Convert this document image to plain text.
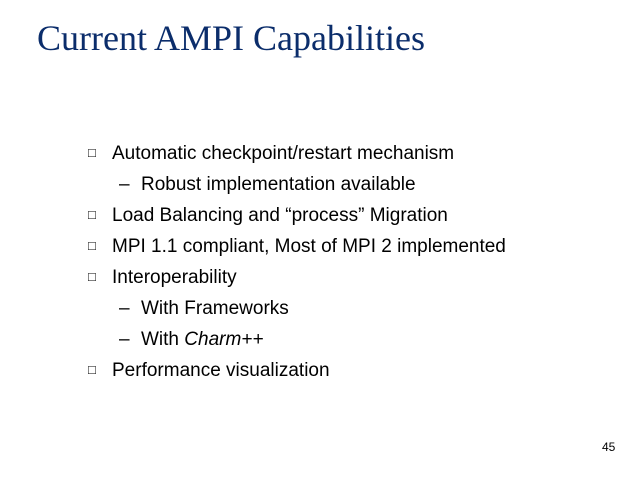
Current AMPI Capabilities
□ Automatic checkpoint/restart mechanism
– Robust implementation available
□ Load Balancing and “process” Migration
□ MPI 1.1 compliant, Most of MPI 2 implemented
□ Interoperability
– With Frameworks
– With Charm++
□ Performance visualization
45
